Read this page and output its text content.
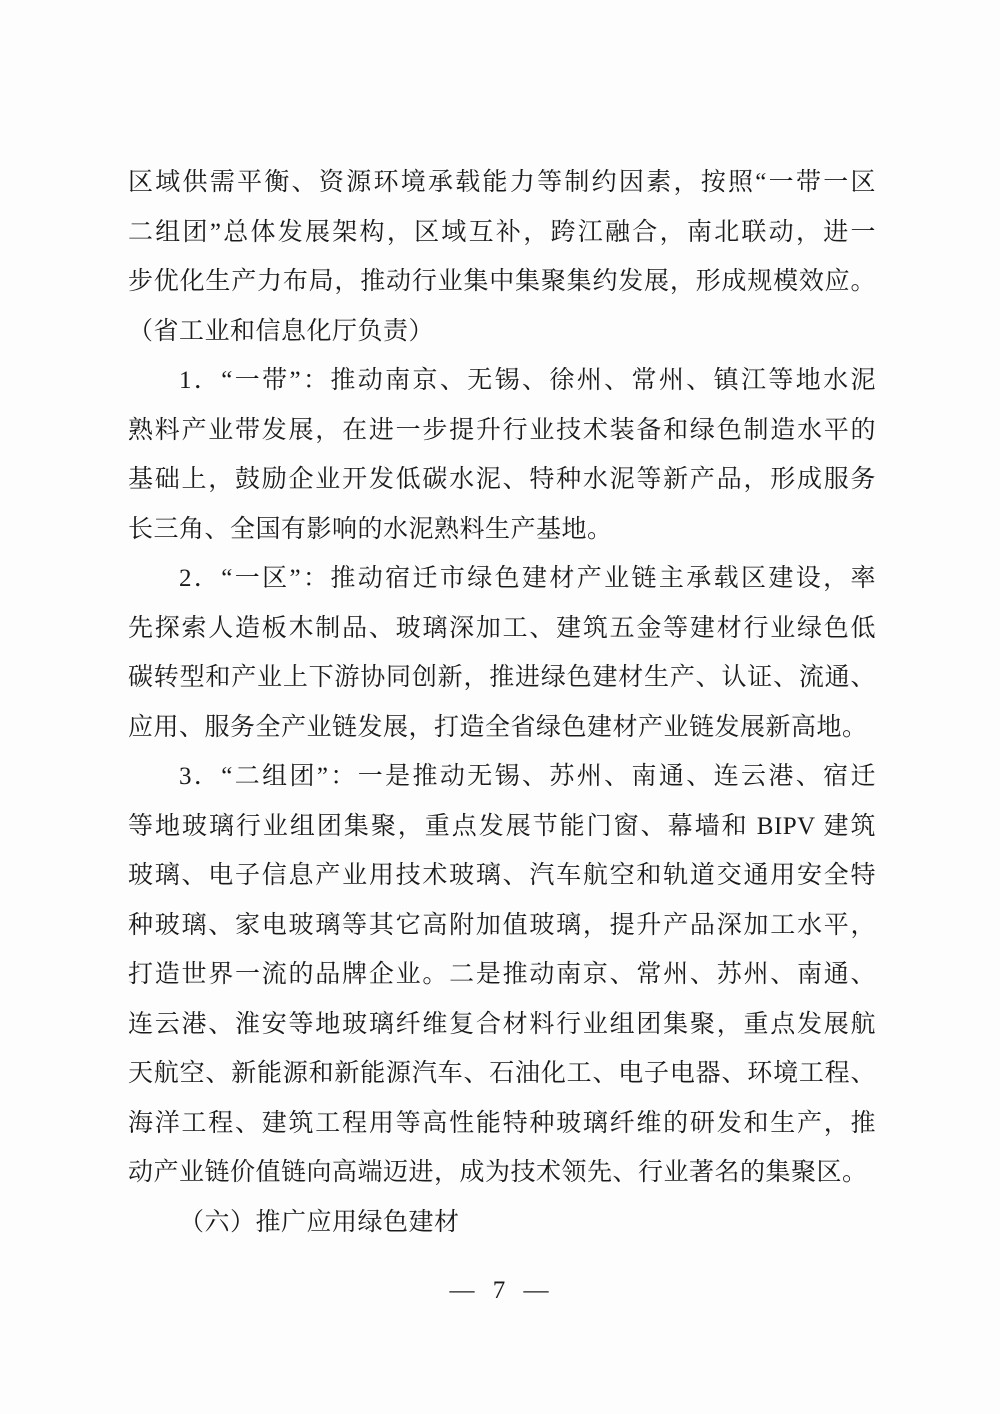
区域供需平衡、资源环境承载能力等制约因素，按照“一带一区
二组团”总体发展架构，区域互补，跨江融合，南北联动，进一
步优化生产力布局，推动行业集中集聚集约发展，形成规模效应。
（省工业和信息化厅负责）
1．“一带”：推动南京、无锡、徐州、常州、镇江等地水泥
熟料产业带发展，在进一步提升行业技术装备和绿色制造水平的
基础上，鼓励企业开发低碳水泥、特种水泥等新产品，形成服务
长三角、全国有影响的水泥熟料生产基地。
2．“一区”：推动宿迁市绿色建材产业链主承载区建设，率
先探索人造板木制品、玻璃深加工、建筑五金等建材行业绿色低
碳转型和产业上下游协同创新，推进绿色建材生产、认证、流通、
应用、服务全产业链发展，打造全省绿色建材产业链发展新高地。
3．“二组团”：一是推动无锡、苏州、南通、连云港、宿迁
等地玻璃行业组团集聚，重点发展节能门窗、幕墙和 BIPV 建筑
玻璃、电子信息产业用技术玻璃、汽车航空和轨道交通用安全特
种玻璃、家电玻璃等其它高附加值玻璃，提升产品深加工水平，
打造世界一流的品牌企业。二是推动南京、常州、苏州、南通、
连云港、淮安等地玻璃纤维复合材料行业组团集聚，重点发展航
天航空、新能源和新能源汽车、石油化工、电子电器、环境工程、
海洋工程、建筑工程用等高性能特种玻璃纤维的研发和生产，推
动产业链价值链向高端迈进，成为技术领先、行业著名的集聚区。
（六）推广应用绿色建材
— 7 —
